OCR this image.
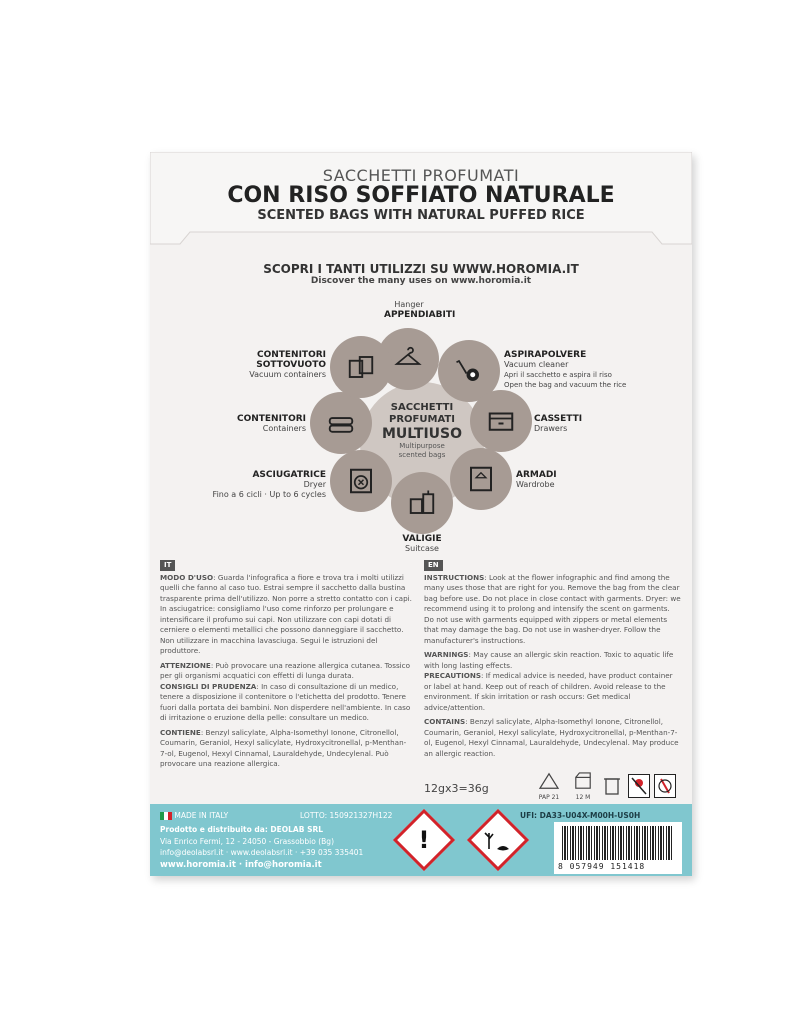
SACCHETTI PROFUMATI
CON RISO SOFFIATO NATURALE
SCENTED BAGS WITH NATURAL PUFFED RICE
SCOPRI I TANTI UTILIZZI SU WWW.HOROMIA.IT
Discover the many uses on www.horomia.it
SACCHETTI
PROFUMATI
MULTIUSO
Multipurpose
scented bags
Hanger
APPENDIABITI
ASPIRAPOLVERE
Vacuum cleaner
Apri il sacchetto e aspira il riso
Open the bag and vacuum the rice
CASSETTI
Drawers
ARMADI
Wardrobe
VALIGIE
Suitcase
ASCIUGATRICE
Dryer
Fino a 6 cicli · Up to 6 cycles
CONTENITORI
Containers
CONTENITORI
SOTTOVUOTO
Vacuum containers
IT
MODO D'USO: Guarda l'infografica a fiore e trova tra i molti utilizzi quelli che fanno al caso tuo. Estrai sempre il sacchetto dalla bustina trasparente prima dell'utilizzo. Non porre a stretto contatto con i capi. In asciugatrice: consigliamo l'uso come rinforzo per prolungare e intensificare il profumo sui capi. Non utilizzare con capi dotati di cerniere o elementi metallici che possono danneggiare il sacchetto. Non utilizzare in macchina lavasciuga. Segui le istruzioni del produttore.
ATTENZIONE: Può provocare una reazione allergica cutanea. Tossico per gli organismi acquatici con effetti di lunga durata.
CONSIGLI DI PRUDENZA: In caso di consultazione di un medico, tenere a disposizione il contenitore o l'etichetta del prodotto. Tenere fuori dalla portata dei bambini. Non disperdere nell'ambiente. In caso di irritazione o eruzione della pelle: consultare un medico.
CONTIENE: Benzyl salicylate, Alpha-Isomethyl Ionone, Citronellol, Coumarin, Geraniol, Hexyl salicylate, Hydroxycitronellal, p-Menthan-7-ol, Eugenol, Hexyl Cinnamal, Lauraldehyde, Undecylenal. Può provocare una reazione allergica.
EN
INSTRUCTIONS: Look at the flower infographic and find among the many uses those that are right for you. Remove the bag from the clear bag before use. Do not place in close contact with garments. Dryer: we recommend using it to prolong and intensify the scent on garments. Do not use with garments equipped with zippers or metal elements that may damage the bag. Do not use in washer-dryer. Follow the manufacturer's instructions.
WARNINGS: May cause an allergic skin reaction. Toxic to aquatic life with long lasting effects.
PRECAUTIONS: If medical advice is needed, have product container or label at hand. Keep out of reach of children. Avoid release to the environment. If skin irritation or rash occurs: Get medical advice/attention.
CONTAINS: Benzyl salicylate, Alpha-Isomethyl Ionone, Citronellol, Coumarin, Geraniol, Hexyl salicylate, Hydroxycitronellal, p-Menthan-7-ol, Eugenol, Hexyl Cinnamal, Lauraldehyde, Undecylenal. May produce an allergic reaction.
12gx3=36g
PAP 21	12 M
MADE IN ITALY	LOTTO: 150921327H122	UFI: DA33-U04X-M00H-US0H
Prodotto e distribuito da: DEOLAB SRL
Via Enrico Fermi, 12 - 24050 - Grassobbio (Bg)
info@deolabsrl.it · www.deolabsrl.it · +39 035 335401
www.horomia.it · info@horomia.it
!
8 057949 151418
